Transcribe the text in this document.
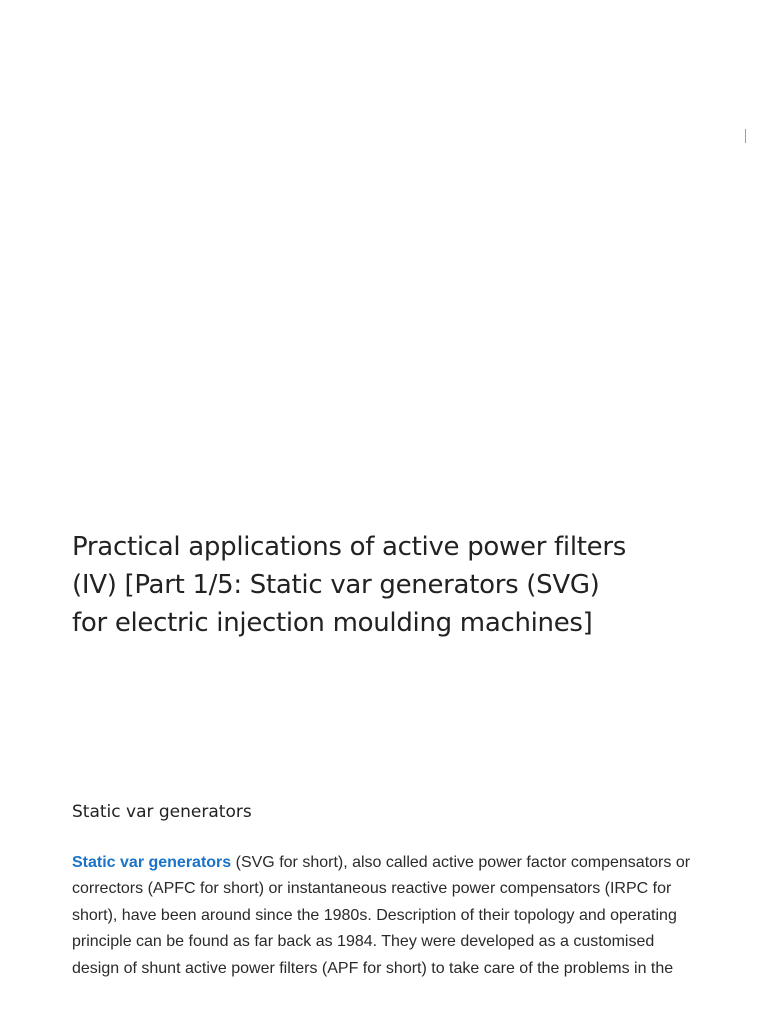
Practical applications of active power filters
(IV) [Part 1/5: Static var generators (SVG)
for electric injection moulding machines]
Static var generators

Static var generators (SVG for short), also called active power factor compensators or
correctors (APFC for short) or instantaneous reactive power compensators (IRPC for
short), have been around since the 1980s. Description of their topology and operating
principle can be found as far back as 1984. They were developed as a customised
design of shunt active power filters (APF for short) to take care of the problems in the
